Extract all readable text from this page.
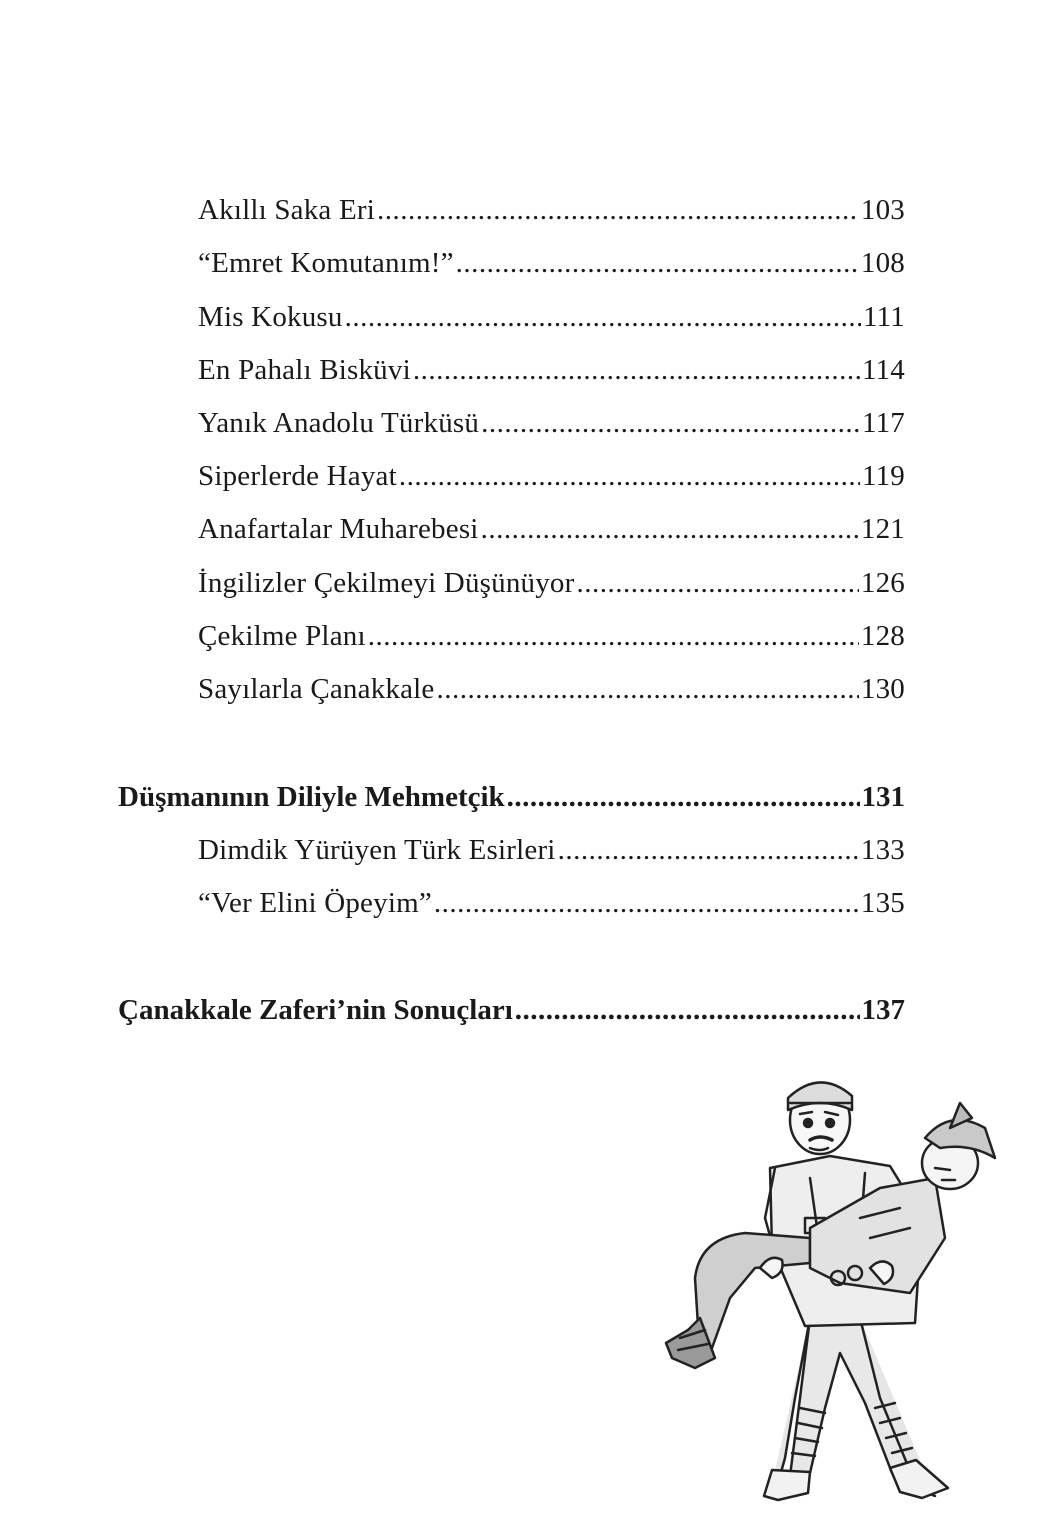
Akıllı Saka Eri .....	103
“Emret Komutanım!” .....	108
Mis Kokusu .....	111
En Pahalı Bisküvi .....	114
Yanık Anadolu Türküsü .....	117
Siperlerde Hayat .....	119
Anafartalar Muharebesi .....	121
İngilizler Çekilmeyi Düşünüyor .....	126
Çekilme Planı .....	128
Sayılarla Çanakkale .....	130
Düşmanının Diliyle Mehmetçik .....	131
Dimdik Yürüyen Türk Esirleri .....	133
“Ver Elini Öpeyim” .....	135
Çanakkale Zaferi’nin Sonuçları .....	137
